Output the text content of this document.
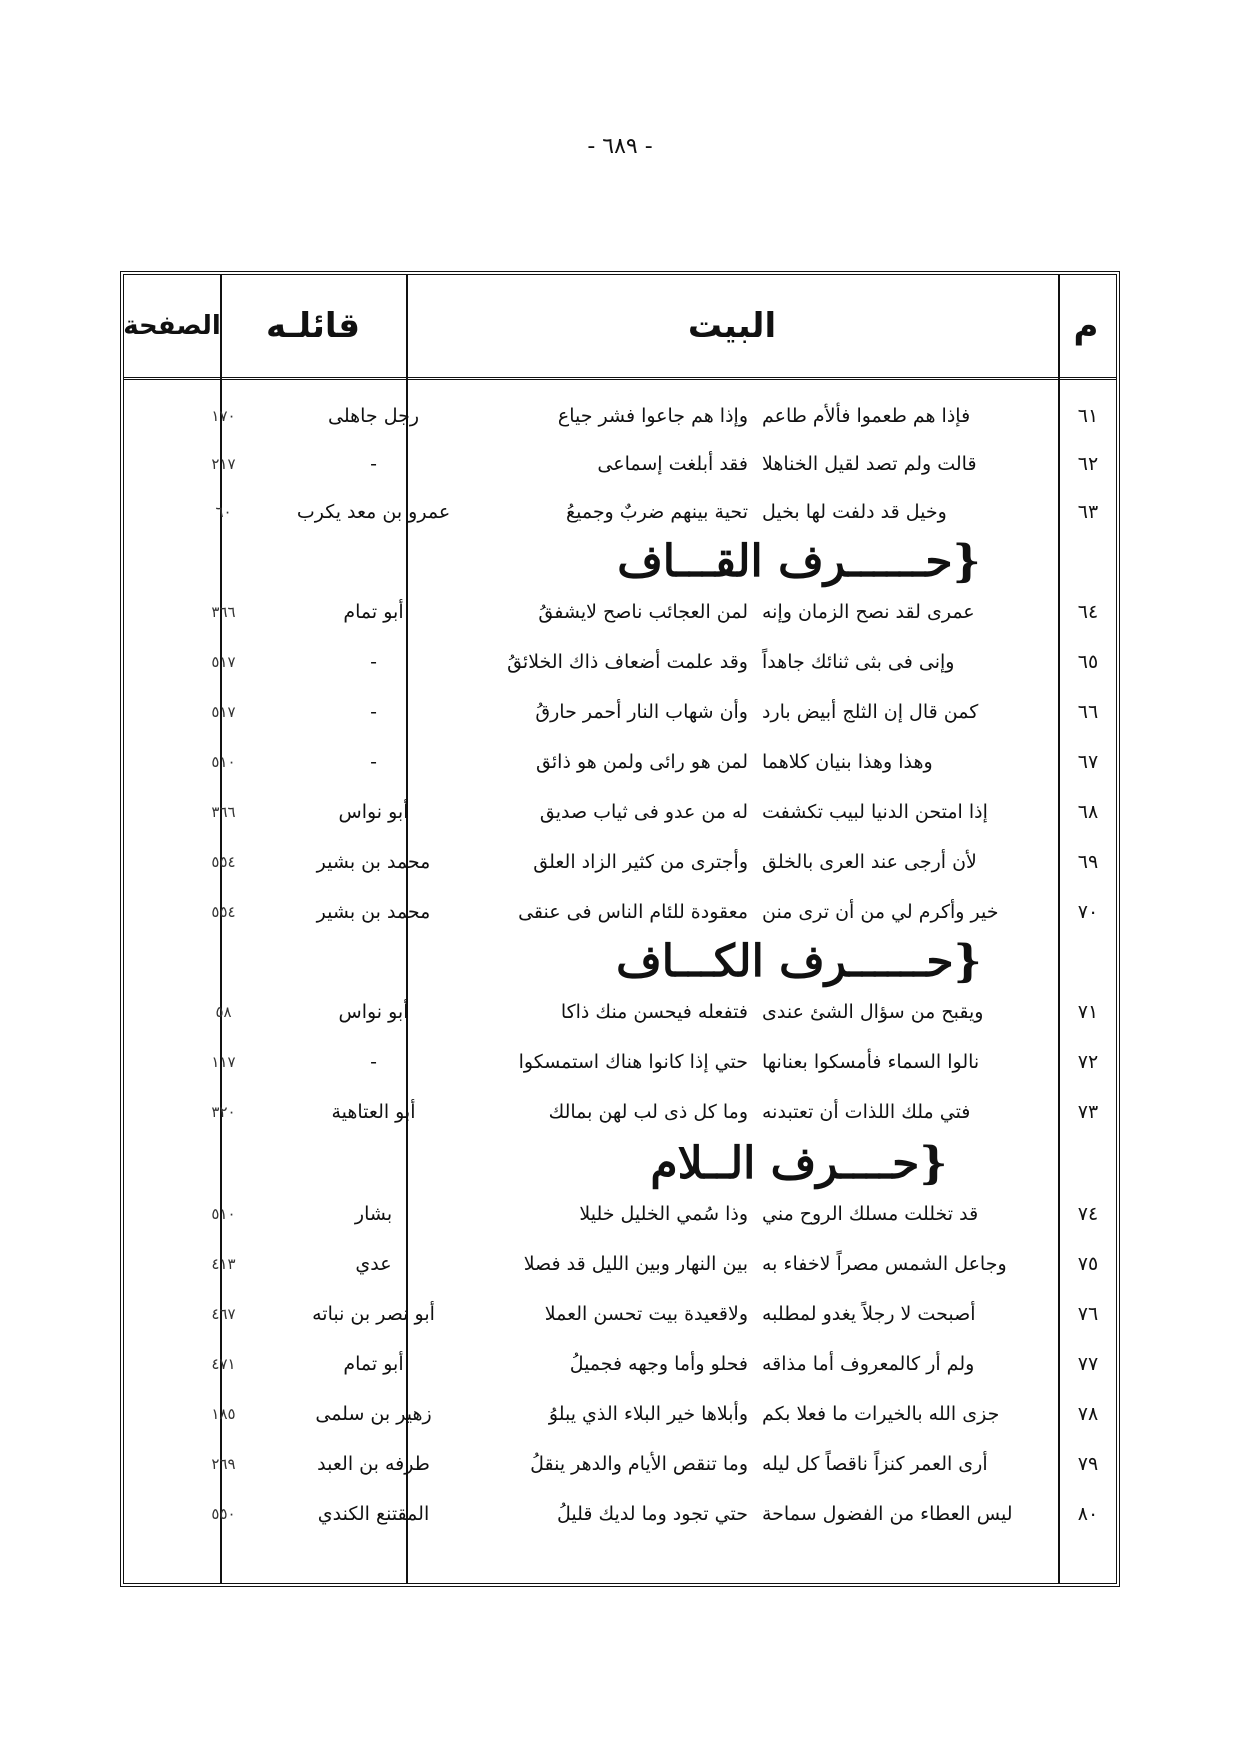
- ٦٨٩ -
م
البيت
قائلـه
الصفحة
٦١
فإذا هم طعموا فألأم طاعم
وإذا هم جاعوا فشر جياع
رجل جاهلى
١٧٠
٦٢
قالت ولم تصد لقيل الخناهلا
فقد أبلغت إسماعى
-
٢١٧
٦٣
وخيل قد دلفت لها بخيل
تحية بينهم ضربٌ وجميعُ
عمرو بن معد يكرب
٦٠
{حــــــرف القـــاف
٦٤
عمرى لقد نصح الزمان وإنه
لمن العجائب ناصح لايشفقُ
أبو تمام
٣٦٦
٦٥
وإنى فى بثى ثنائك جاهداً
وقد علمت أضعاف ذاك الخلائقُ
-
٥١٧
٦٦
كمن قال إن الثلج أبيض بارد
وأن شهاب النار أحمر حارقُ
-
٥١٧
٦٧
وهذا وهذا بنيان كلاهما
لمن هو رائى ولمن هو ذائق
-
٥١٠
٦٨
إذا امتحن الدنيا لبيب تكشفت
له من عدو فى ثياب صديق
أبو نواس
٣٦٦
٦٩
لأن أرجى عند العرى بالخلق
وأجترى من كثير الزاد العلق
محمد بن بشير
٥٥٤
٧٠
خير وأكرم لي من أن ترى منن
معقودة للئام الناس فى عنقى
محمد بن بشير
٥٥٤
{حــــــرف الكـــاف
٧١
ويقبح من سؤال الشئ عندى
فتفعله فيحسن منك ذاكا
أبو نواس
٥٨
٧٢
نالوا السماء فأمسكوا بعنانها
حتي إذا كانوا هناك استمسكوا
-
١١٧
٧٣
فتي ملك اللذات أن تعتبدنه
وما كل ذى لب لهن بمالك
أبو العتاهية
٣٢٠
{حــــرف الــلام
٧٤
قد تخللت مسلك الروح مني
وذا سُمي الخليل خليلا
بشار
٥١٠
٧٥
وجاعل الشمس مصراً لاخفاء به
بين النهار وبين الليل قد فصلا
عدي
٤١٣
٧٦
أصبحت لا رجلاً يغدو لمطلبه
ولاقعيدة بيت تحسن العملا
أبو نصر بن نباته
٤٦٧
٧٧
ولم أر كالمعروف أما مذاقه
فحلو وأما وجهه فجميلُ
أبو تمام
٤٧١
٧٨
جزى الله بالخيرات ما فعلا بكم
وأبلاها خير البلاء الذي يبلوُ
زهير بن سلمى
١٨٥
٧٩
أرى العمر كنزاً ناقصاً كل ليله
وما تنقص الأيام والدهر ينقلُ
طرفه بن العبد
٢٦٩
٨٠
ليس العطاء من الفضول سماحة
حتي تجود وما لديك قليلُ
المقتنع الكندي
٥٥٠
